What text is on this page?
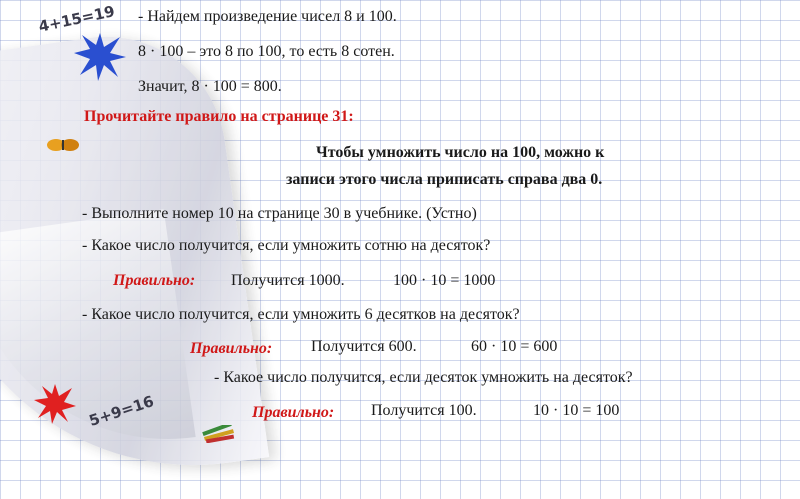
4+15=19
5+9=16
- Найдем произведение чисел 8 и 100.
8 · 100 – это 8 по 100, то есть 8 сотен.
Значит, 8 · 100 = 800.
Прочитайте правило на странице 31:
Чтобы умножить число на 100, можно к
записи этого числа приписать справа два 0.
- Выполните номер 10 на странице 30 в учебнике. (Устно)
- Какое число получится, если умножить сотню на десяток?
Правильно: Получится 1000.	100 · 10 = 1000
- Какое число получится, если умножить 6 десятков на десяток?
Правильно: Получится 600.	60 · 10 = 600
- Какое число получится, если десяток умножить на десяток?
Правильно: Получится 100.	10 · 10 = 100
